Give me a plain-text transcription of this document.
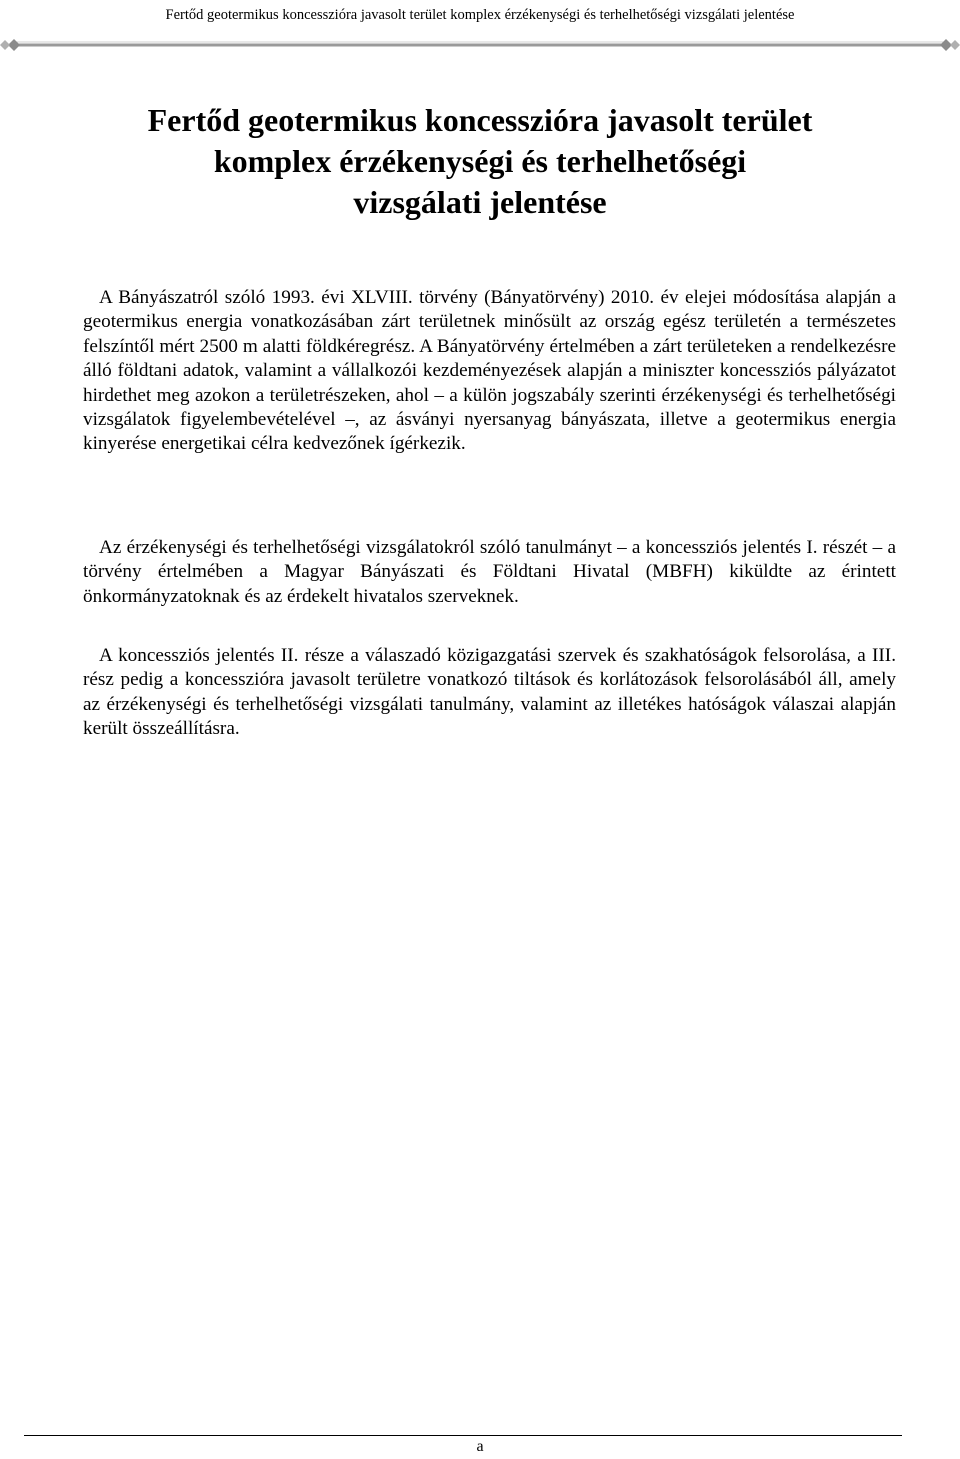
Fertőd geotermikus koncesszióra javasolt terület komplex érzékenységi és terhelhetőségi vizsgálati jelentése
Fertőd geotermikus koncesszióra javasolt terület
komplex érzékenységi és terhelhetőségi
vizsgálati jelentése

A Bányászatról szóló 1993. évi XLVIII. törvény (Bányatörvény) 2010. év elejei módosítása alapján a geotermikus energia vonatkozásában zárt területnek minősült az ország egész területén a természetes felszíntől mért 2500 m alatti földkéregrész. A Bányatörvény értelmében a zárt területeken a rendelkezésre álló földtani adatok, valamint a vállalkozói kezdeményezések alapján a miniszter koncessziós pályázatot hirdethet meg azokon a területrészeken, ahol – a külön jogszabály szerinti érzékenységi és terhelhetőségi vizsgálatok figyelembevételével –, az ásványi nyersanyag bányászata, illetve a geotermikus energia kinyerése energetikai célra kedvezőnek ígérkezik.

Az érzékenységi és terhelhetőségi vizsgálatokról szóló tanulmányt – a koncessziós jelentés I. részét – a törvény értelmében a Magyar Bányászati és Földtani Hivatal (MBFH) kiküldte az érintett önkormányzatoknak és az érdekelt hivatalos szerveknek.

A koncessziós jelentés II. része a válaszadó közigazgatási szervek és szakhatóságok felsorolása, a III. rész pedig a koncesszióra javasolt területre vonatkozó tiltások és korlátozások felsorolásából áll, amely az érzékenységi és terhelhetőségi vizsgálati tanulmány, valamint az illetékes hatóságok válaszai alapján került összeállításra.

a
